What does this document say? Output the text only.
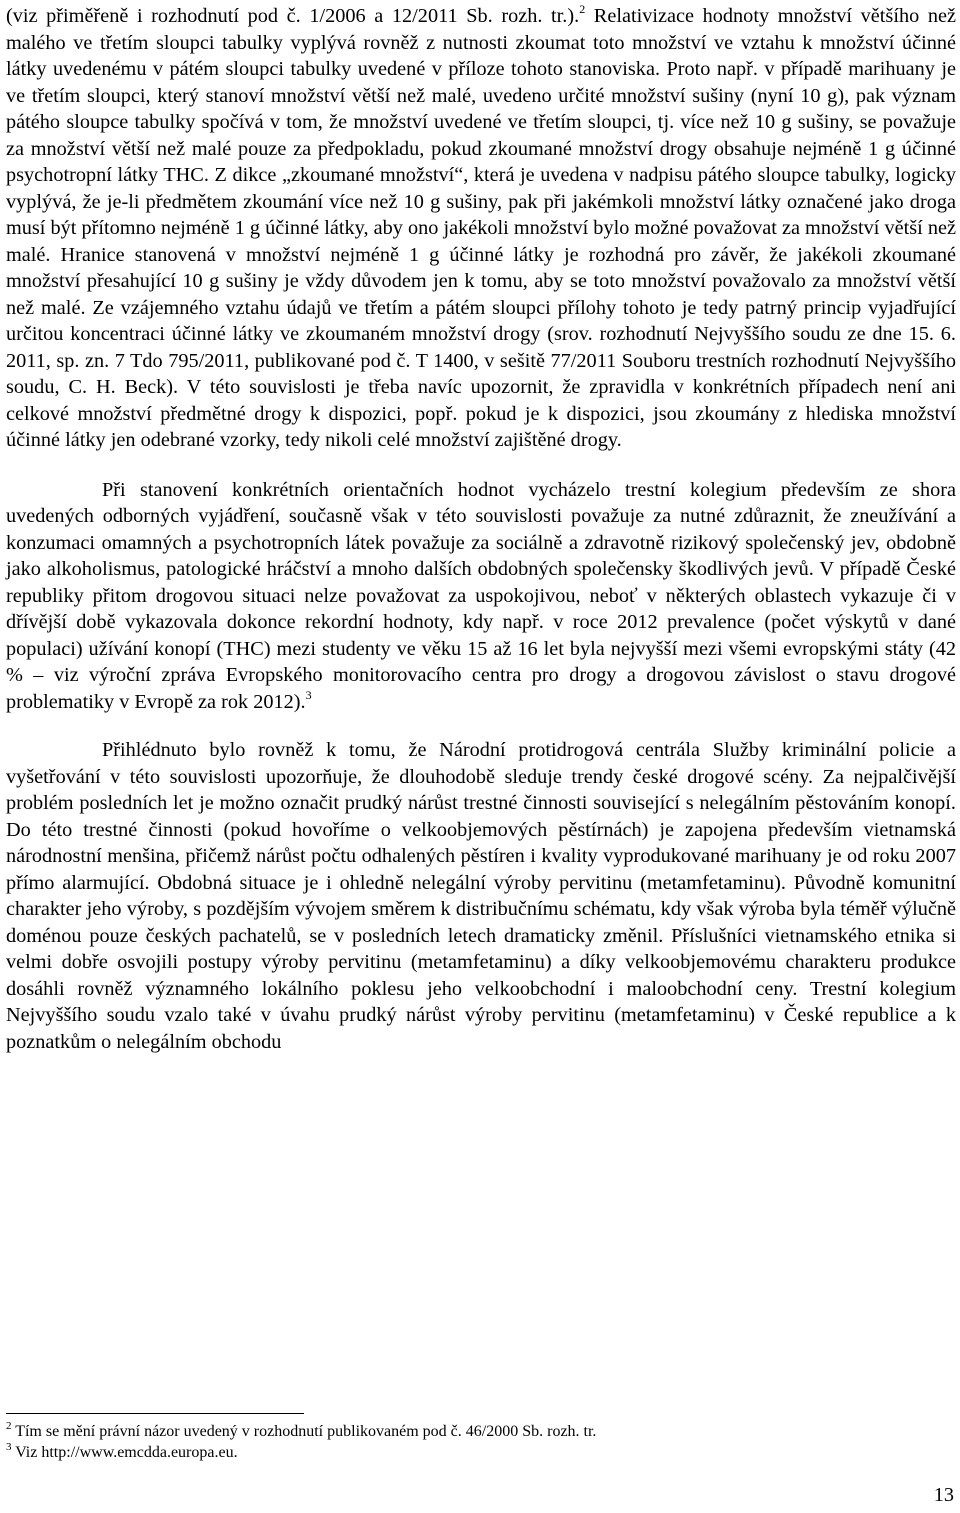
(viz přiměřeně i rozhodnutí pod č. 1/2006 a 12/2011 Sb. rozh. tr.).$^2$ Relativizace hodnoty množství většího než malého ve třetím sloupci tabulky vyplývá rovněž z nutnosti zkoumat toto množství ve vztahu k množství účinné látky uvedenému v pátém sloupci tabulky uvedené v příloze tohoto stanoviska. Proto např. v případě marihuany je ve třetím sloupci, který stanoví množství větší než malé, uvedeno určité množství sušiny (nyní 10 g), pak význam pátého sloupce tabulky spočívá v tom, že množství uvedené ve třetím sloupci, tj. více než 10 g sušiny, se považuje za množství větší než malé pouze za předpokladu, pokud zkoumané množství drogy obsahuje nejméně 1 g účinné psychotropní látky THC. Z dikce „zkoumané množství“, která je uvedena v nadpisu pátého sloupce tabulky, logicky vyplývá, že je-li předmětem zkoumání více než 10 g sušiny, pak při jakémkoli množství látky označené jako droga musí být přítomno nejméně 1 g účinné látky, aby ono jakékoli množství bylo možné považovat za množství větší než malé. Hranice stanovená v množství nejméně 1 g účinné látky je rozhodná pro závěr, že jakékoli zkoumané množství přesahující 10 g sušiny je vždy důvodem jen k tomu, aby se toto množství považovalo za množství větší než malé. Ze vzájemného vztahu údajů ve třetím a pátém sloupci přílohy tohoto je tedy patrný princip vyjadřující určitou koncentraci účinné látky ve zkoumaném množství drogy (srov. rozhodnutí Nejvyššího soudu ze dne 15. 6. 2011, sp. zn. 7 Tdo 795/2011, publikované pod č. T 1400, v sešitě 77/2011 Souboru trestních rozhodnutí Nejvyššího soudu, C. H. Beck). V této souvislosti je třeba navíc upozornit, že zpravidla v konkrétních případech není ani celkové množství předmětné drogy k dispozici, popř. pokud je k dispozici, jsou zkoumány z hlediska množství účinné látky jen odebrané vzorky, tedy nikoli celé množství zajištěné drogy.

Při stanovení konkrétních orientačních hodnot vycházelo trestní kolegium především ze shora uvedených odborných vyjádření, současně však v této souvislosti považuje za nutné zdůraznit, že zneužívání a konzumaci omamných a psychotropních látek považuje za sociálně a zdravotně rizikový společenský jev, obdobně jako alkoholismus, patologické hráčství a mnoho dalších obdobných společensky škodlivých jevů. V případě České republiky přitom drogovou situaci nelze považovat za uspokojivou, neboť v některých oblastech vykazuje či v dřívější době vykazovala dokonce rekordní hodnoty, kdy např. v roce 2012 prevalence (počet výskytů v dané populaci) užívání konopí (THC) mezi studenty ve věku 15 až 16 let byla nejvyšší mezi všemi evropskými státy (42 % – viz výroční zpráva Evropského monitorovacího centra pro drogy a drogovou závislost o stavu drogové problematiky v Evropě za rok 2012).$^3$

Přihlédnuto bylo rovněž k tomu, že Národní protidrogová centrála Služby kriminální policie a vyšetřování v této souvislosti upozorňuje, že dlouhodobě sleduje trendy české drogové scény. Za nejpalčivější problém posledních let je možno označit prudký nárůst trestné činnosti související s nelegálním pěstováním konopí. Do této trestné činnosti (pokud hovoříme o velkoobjemových pěstírnách) je zapojena především vietnamská národnostní menšina, přičemž nárůst počtu odhalených pěstíren i kvality vyprodukované marihuany je od roku 2007 přímo alarmující. Obdobná situace je i ohledně nelegální výroby pervitinu (metamfetaminu). Původně komunitní charakter jeho výroby, s pozdějším vývojem směrem k distribučnímu schématu, kdy však výroba byla téměř výlučně doménou pouze českých pachatelů, se v posledních letech dramaticky změnil. Příslušníci vietnamského etnika si velmi dobře osvojili postupy výroby pervitinu (metamfetaminu) a díky velkoobjemovému charakteru produkce dosáhli rovněž významného lokálního poklesu jeho velkoobchodní i maloobchodní ceny. Trestní kolegium Nejvyššího soudu vzalo také v úvahu prudký nárůst výroby pervitinu (metamfetaminu) v České republice a k poznatkům o nelegálním obchodu

$^2$ Tím se mění právní názor uvedený v rozhodnutí publikovaném pod č. 46/2000 Sb. rozh. tr.

$^3$ Viz http://www.emcdda.europa.eu.

13
